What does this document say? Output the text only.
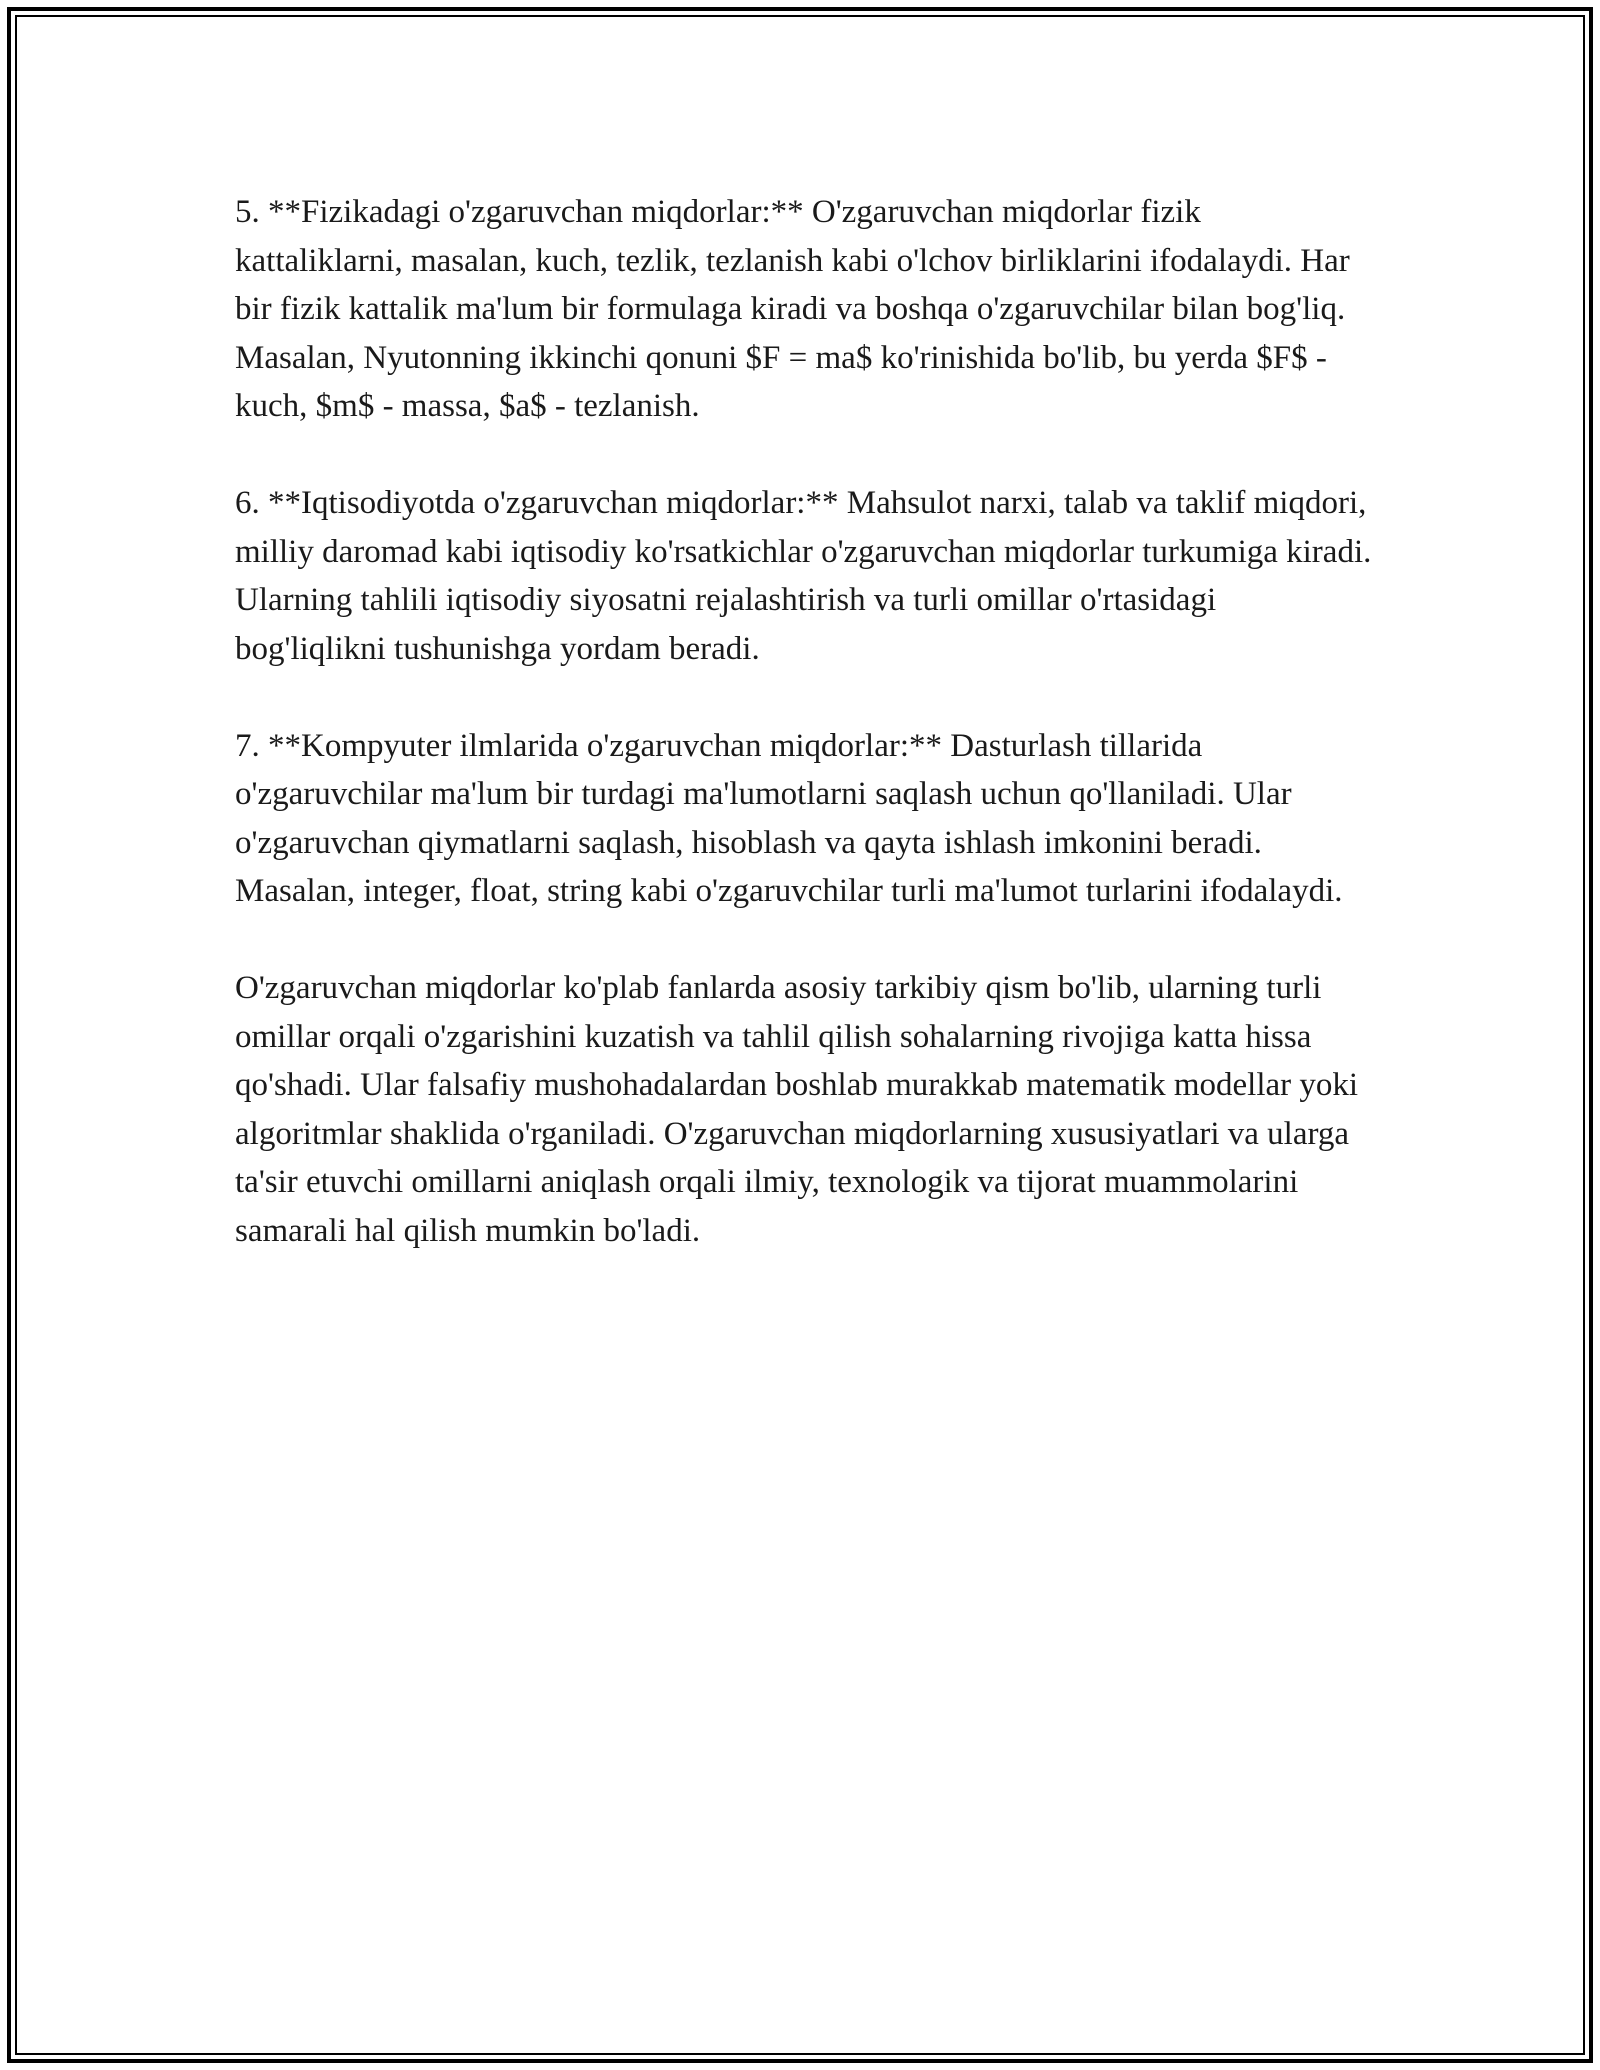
5. **Fizikadagi o'zgaruvchan miqdorlar:** O'zgaruvchan miqdorlar fizik kattaliklarni, masalan, kuch, tezlik, tezlanish kabi o'lchov birliklarini ifodalaydi. Har bir fizik kattalik ma'lum bir formulaga kiradi va boshqa o'zgaruvchilar bilan bog'liq. Masalan, Nyutonning ikkinchi qonuni $F = ma$ ko'rinishida bo'lib, bu yerda $F$ - kuch, $m$ - massa, $a$ - tezlanish.

6. **Iqtisodiyotda o'zgaruvchan miqdorlar:** Mahsulot narxi, talab va taklif miqdori, milliy daromad kabi iqtisodiy ko'rsatkichlar o'zgaruvchan miqdorlar turkumiga kiradi. Ularning tahlili iqtisodiy siyosatni rejalashtirish va turli omillar o'rtasidagi bog'liqlikni tushunishga yordam beradi.

7. **Kompyuter ilmlarida o'zgaruvchan miqdorlar:** Dasturlash tillarida o'zgaruvchilar ma'lum bir turdagi ma'lumotlarni saqlash uchun qo'llaniladi. Ular o'zgaruvchan qiymatlarni saqlash, hisoblash va qayta ishlash imkonini beradi. Masalan, integer, float, string kabi o'zgaruvchilar turli ma'lumot turlarini ifodalaydi.

O'zgaruvchan miqdorlar ko'plab fanlarda asosiy tarkibiy qism bo'lib, ularning turli omillar orqali o'zgarishini kuzatish va tahlil qilish sohalarning rivojiga katta hissa qo'shadi. Ular falsafiy mushohadalardan boshlab murakkab matematik modellar yoki algoritmlar shaklida o'rganiladi. O'zgaruvchan miqdorlarning xususiyatlari va ularga ta'sir etuvchi omillarni aniqlash orqali ilmiy, texnologik va tijorat muammolarini samarali hal qilish mumkin bo'ladi.
